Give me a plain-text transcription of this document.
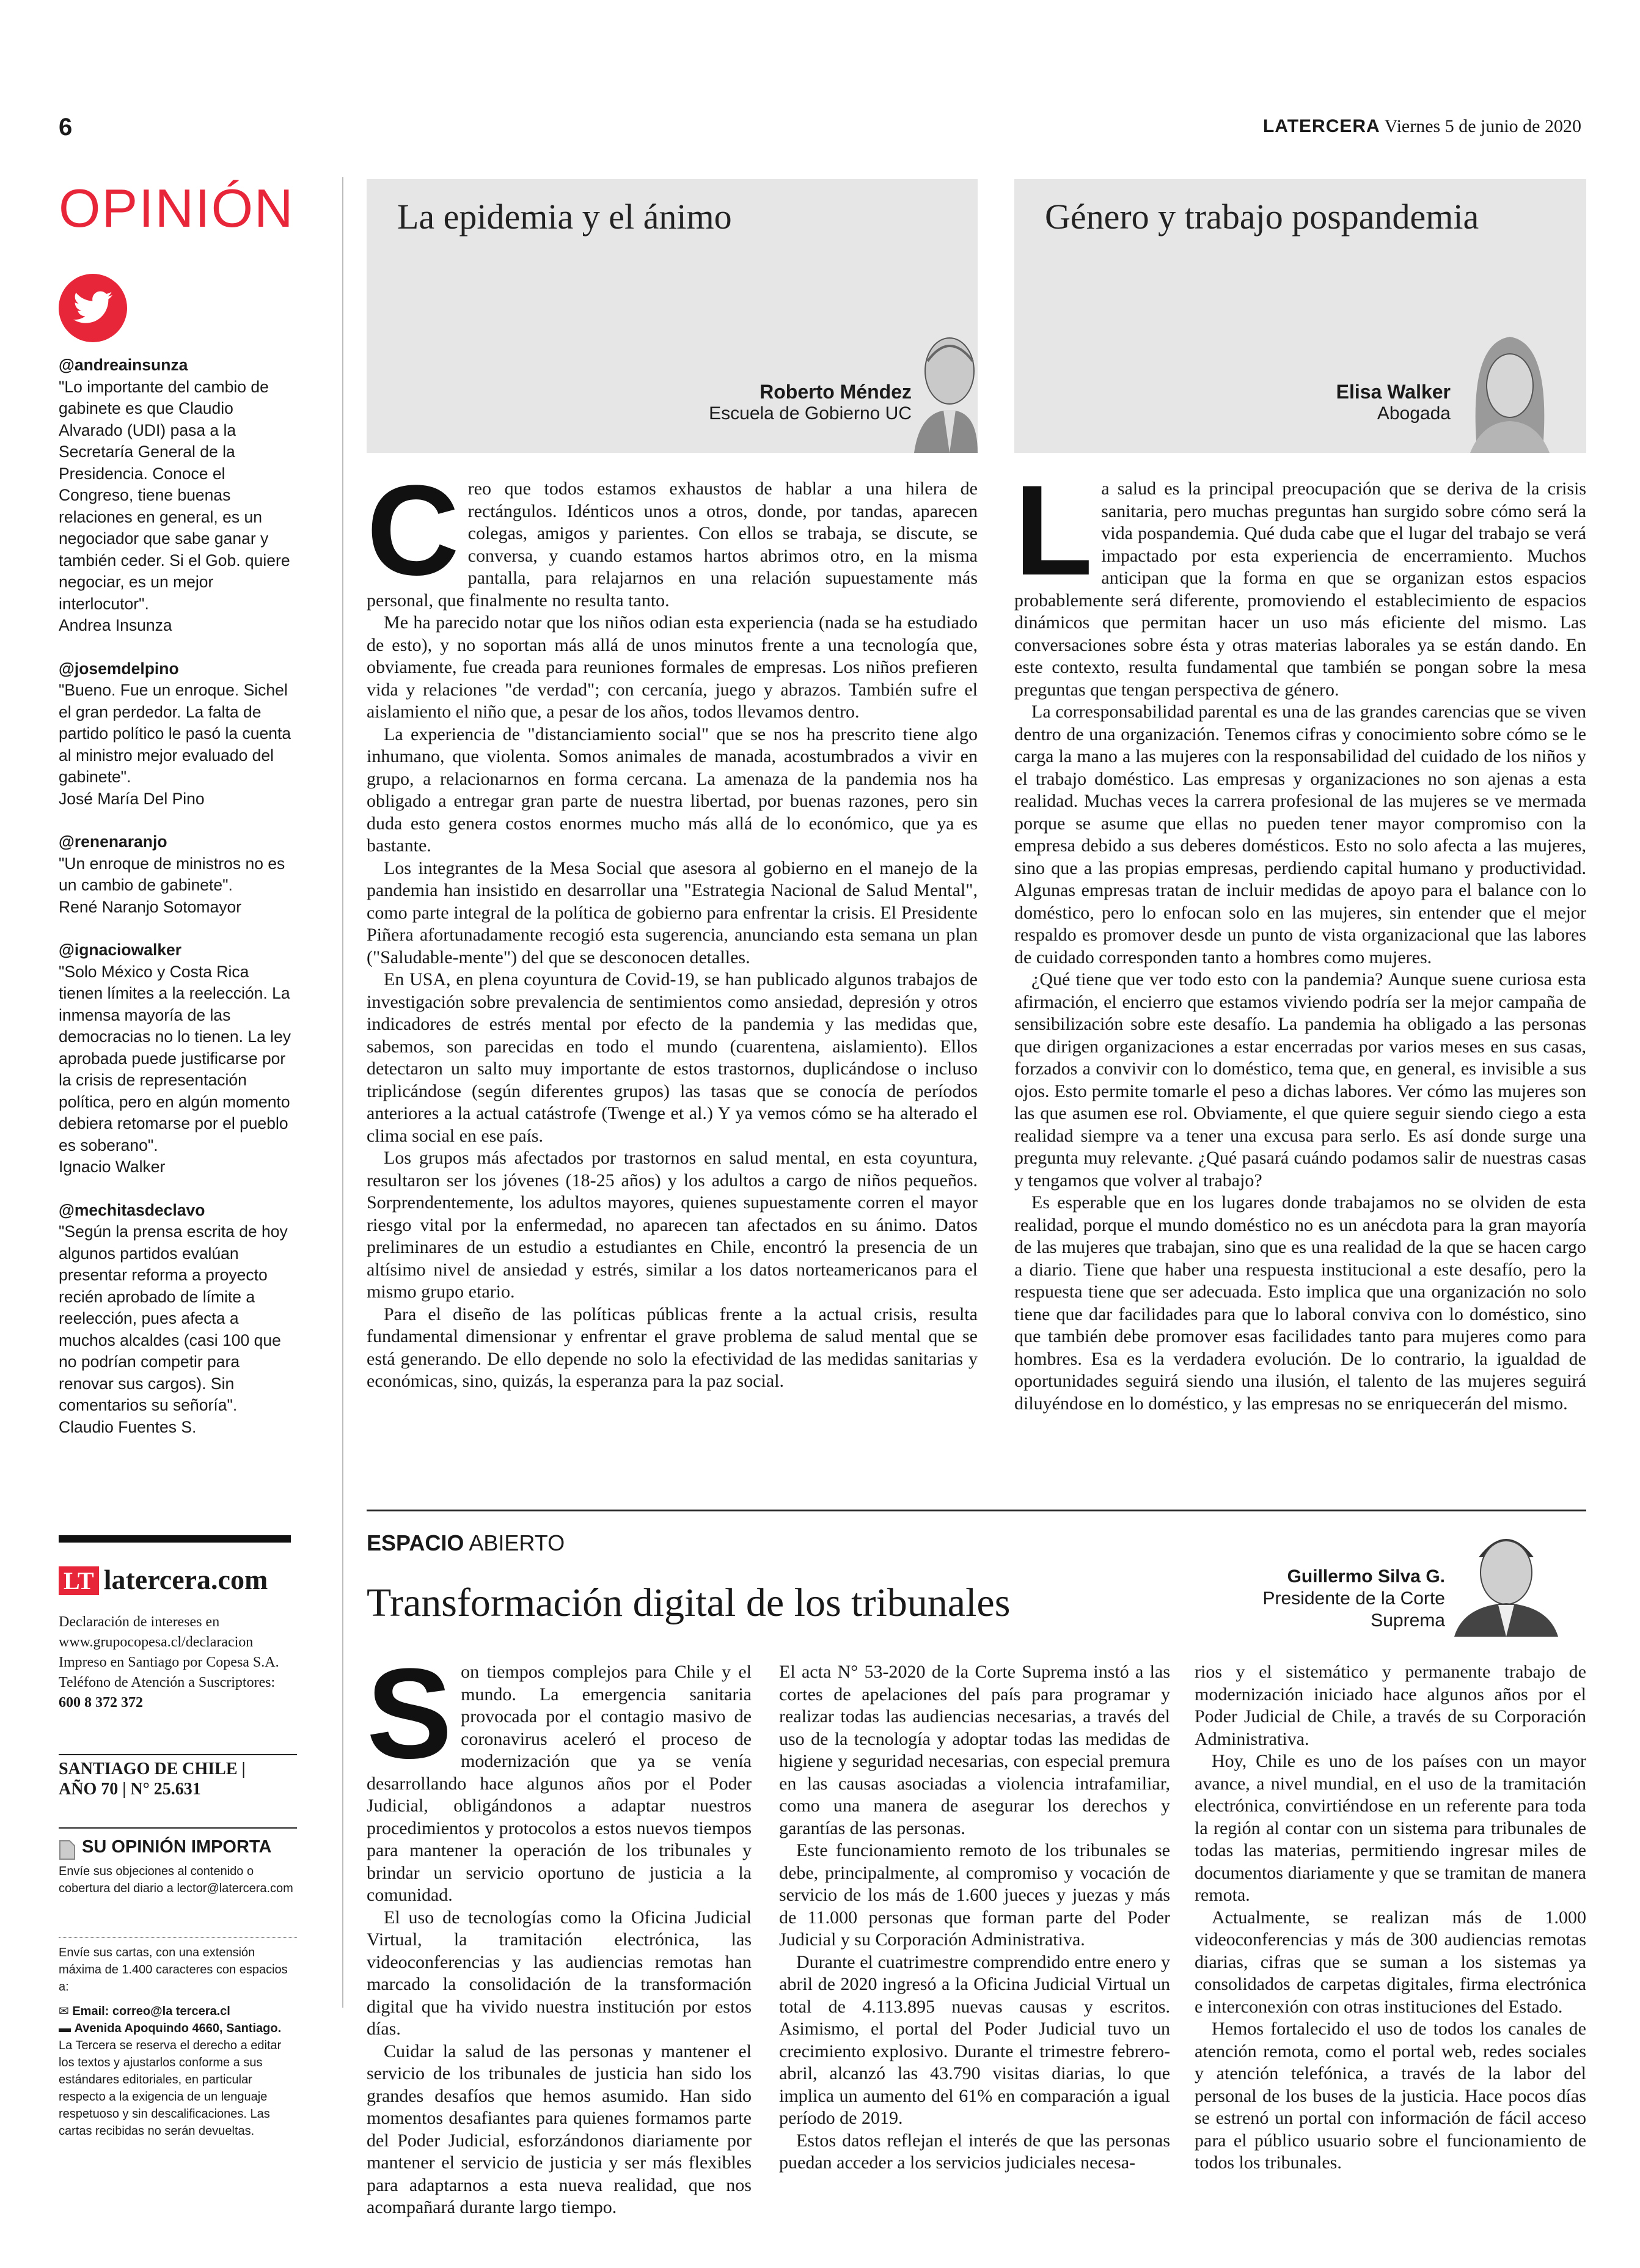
6	LATERCERA Viernes 5 de junio de 2020
OPINIÓN
@andreainsunza
"Lo importante del cambio de gabinete es que Claudio Alvarado (UDI) pasa a la Secretaría General de la Presidencia. Conoce el Congreso, tiene buenas relaciones en general, es un negociador que sabe ganar y también ceder. Si el Gob. quiere negociar, es un mejor interlocutor".
Andrea Insunza
@josemdelpino
"Bueno. Fue un enroque. Sichel el gran perdedor. La falta de partido político le pasó la cuenta al ministro mejor evaluado del gabinete".
José María Del Pino
@renenaranjo
"Un enroque de ministros no es un cambio de gabinete".
René Naranjo Sotomayor
@ignaciowalker
"Solo México y Costa Rica tienen límites a la reelección. La inmensa mayoría de las democracias no lo tienen. La ley aprobada puede justificarse por la crisis de representación política, pero en algún momento debiera retomarse por el pueblo es soberano".
Ignacio Walker
@mechitasdeclavo
"Según la prensa escrita de hoy algunos partidos evalúan presentar reforma a proyecto recién aprobado de límite a reelección, pues afecta a muchos alcaldes (casi 100 que no podrían competir para renovar sus cargos). Sin comentarios su señoría".
Claudio Fuentes S.
La epidemia y el ánimo
Roberto Méndez
Escuela de Gobierno UC
Género y trabajo pospandemia
Elisa Walker
Abogada

Creo que todos estamos exhaustos de hablar a una hilera de rectángulos. Idénticos unos a otros, donde, por tandas, aparecen colegas, amigos y parientes. Con ellos se trabaja, se discute, se conversa, y cuando estamos hartos abrimos otro, en la misma pantalla, para relajarnos en una relación supuestamente más personal, que finalmente no resulta tanto.

Me ha parecido notar que los niños odian esta experiencia (nada se ha estudiado de esto), y no soportan más allá de unos minutos frente a una tecnología que, obviamente, fue creada para reuniones formales de empresas. Los niños prefieren vida y relaciones "de verdad"; con cercanía, juego y abrazos. También sufre el aislamiento el niño que, a pesar de los años, todos llevamos dentro.

La experiencia de "distanciamiento social" que se nos ha prescrito tiene algo inhumano, que violenta. Somos animales de manada, acostumbrados a vivir en grupo, a relacionarnos en forma cercana. La amenaza de la pandemia nos ha obligado a entregar gran parte de nuestra libertad, por buenas razones, pero sin duda esto genera costos enormes mucho más allá de lo económico, que ya es bastante.

Los integrantes de la Mesa Social que asesora al gobierno en el manejo de la pandemia han insistido en desarrollar una "Estrategia Nacional de Salud Mental", como parte integral de la política de gobierno para enfrentar la crisis. El Presidente Piñera afortunadamente recogió esta sugerencia, anunciando esta semana un plan ("Saludable-mente") del que se desconocen detalles.

En USA, en plena coyuntura de Covid-19, se han publicado algunos trabajos de investigación sobre prevalencia de sentimientos como ansiedad, depresión y otros indicadores de estrés mental por efecto de la pandemia y las medidas que, sabemos, son parecidas en todo el mundo (cuarentena, aislamiento). Ellos detectaron un salto muy importante de estos trastornos, duplicándose o incluso triplicándose (según diferentes grupos) las tasas que se conocía de períodos anteriores a la actual catástrofe (Twenge et al.) Y ya vemos cómo se ha alterado el clima social en ese país.

Los grupos más afectados por trastornos en salud mental, en esta coyuntura, resultaron ser los jóvenes (18-25 años) y los adultos a cargo de niños pequeños. Sorprendentemente, los adultos mayores, quienes supuestamente corren el mayor riesgo vital por la enfermedad, no aparecen tan afectados en su ánimo. Datos preliminares de un estudio a estudiantes en Chile, encontró la presencia de un altísimo nivel de ansiedad y estrés, similar a los datos norteamericanos para el mismo grupo etario.

Para el diseño de las políticas públicas frente a la actual crisis, resulta fundamental dimensionar y enfrentar el grave problema de salud mental que se está generando. De ello depende no solo la efectividad de las medidas sanitarias y económicas, sino, quizás, la esperanza para la paz social.

La salud es la principal preocupación que se deriva de la crisis sanitaria, pero muchas preguntas han surgido sobre cómo será la vida pospandemia. Qué duda cabe que el lugar del trabajo se verá impactado por esta experiencia de encerramiento. Muchos anticipan que la forma en que se organizan estos espacios probablemente será diferente, promoviendo el establecimiento de espacios dinámicos que permitan hacer un uso más eficiente del mismo. Las conversaciones sobre ésta y otras materias laborales ya se están dando. En este contexto, resulta fundamental que también se pongan sobre la mesa preguntas que tengan perspectiva de género.

La corresponsabilidad parental es una de las grandes carencias que se viven dentro de una organización. Tenemos cifras y conocimiento sobre cómo se le carga la mano a las mujeres con la responsabilidad del cuidado de los niños y el trabajo doméstico. Las empresas y organizaciones no son ajenas a esta realidad. Muchas veces la carrera profesional de las mujeres se ve mermada porque se asume que ellas no pueden tener mayor compromiso con la empresa debido a sus deberes domésticos. Esto no solo afecta a las mujeres, sino que a las propias empresas, perdiendo capital humano y productividad. Algunas empresas tratan de incluir medidas de apoyo para el balance con lo doméstico, pero lo enfocan solo en las mujeres, sin entender que el mejor respaldo es promover desde un punto de vista organizacional que las labores de cuidado corresponden tanto a hombres como mujeres.

¿Qué tiene que ver todo esto con la pandemia? Aunque suene curiosa esta afirmación, el encierro que estamos viviendo podría ser la mejor campaña de sensibilización sobre este desafío. La pandemia ha obligado a las personas que dirigen organizaciones a estar encerradas por varios meses en sus casas, forzados a convivir con lo doméstico, tema que, en general, es invisible a sus ojos. Esto permite tomarle el peso a dichas labores. Ver cómo las mujeres son las que asumen ese rol. Obviamente, el que quiere seguir siendo ciego a esta realidad siempre va a tener una excusa para serlo. Es así donde surge una pregunta muy relevante. ¿Qué pasará cuándo podamos salir de nuestras casas y tengamos que volver al trabajo?

Es esperable que en los lugares donde trabajamos no se olviden de esta realidad, porque el mundo doméstico no es un anécdota para la gran mayoría de las mujeres que trabajan, sino que es una realidad de la que se hacen cargo a diario. Tiene que haber una respuesta institucional a este desafío, pero la respuesta tiene que ser adecuada. Esto implica que una organización no solo tiene que dar facilidades para que lo laboral conviva con lo doméstico, sino que también debe promover esas facilidades tanto para mujeres como para hombres. Esa es la verdadera evolución. De lo contrario, la igualdad de oportunidades seguirá siendo una ilusión, el talento de las mujeres seguirá diluyéndose en lo doméstico, y las empresas no se enriquecerán del mismo.

ESPACIO ABIERTO
Transformación digital de los tribunales
Guillermo Silva G.
Presidente de la Corte Suprema

Son tiempos complejos para Chile y el mundo. La emergencia sanitaria provocada por el contagio masivo de coronavirus aceleró el proceso de modernización que ya se venía desarrollando hace algunos años por el Poder Judicial, obligándonos a adaptar nuestros procedimientos y protocolos a estos nuevos tiempos para mantener la operación de los tribunales y brindar un servicio oportuno de justicia a la comunidad.

El uso de tecnologías como la Oficina Judicial Virtual, la tramitación electrónica, las videoconferencias y las audiencias remotas han marcado la consolidación de la transformación digital que ha vivido nuestra institución por estos días.

Cuidar la salud de las personas y mantener el servicio de los tribunales de justicia han sido los grandes desafíos que hemos asumido. Han sido momentos desafiantes para quienes formamos parte del Poder Judicial, esforzándonos diariamente por mantener el servicio de justicia y ser más flexibles para adaptarnos a esta nueva realidad, que nos acompañará durante largo tiempo.

El acta N° 53-2020 de la Corte Suprema instó a las cortes de apelaciones del país para programar y realizar todas las audiencias necesarias, a través del uso de la tecnología y adoptar todas las medidas de higiene y seguridad necesarias, con especial premura en las causas asociadas a violencia intrafamiliar, como una manera de asegurar los derechos y garantías de las personas.

Este funcionamiento remoto de los tribunales se debe, principalmente, al compromiso y vocación de servicio de los más de 1.600 jueces y juezas y más de 11.000 personas que forman parte del Poder Judicial y su Corporación Administrativa.

Durante el cuatrimestre comprendido entre enero y abril de 2020 ingresó a la Oficina Judicial Virtual un total de 4.113.895 nuevas causas y escritos. Asimismo, el portal del Poder Judicial tuvo un crecimiento explosivo. Durante el trimestre febrero-abril, alcanzó las 43.790 visitas diarias, lo que implica un aumento del 61% en comparación a igual período de 2019.

Estos datos reflejan el interés de que las personas puedan acceder a los servicios judiciales necesa-

rios y el sistemático y permanente trabajo de modernización iniciado hace algunos años por el Poder Judicial de Chile, a través de su Corporación Administrativa.

Hoy, Chile es uno de los países con un mayor avance, a nivel mundial, en el uso de la tramitación electrónica, convirtiéndose en un referente para toda la región al contar con un sistema para tribunales de todas las materias, permitiendo ingresar miles de documentos diariamente y que se tramitan de manera remota.

Actualmente, se realizan más de 1.000 videoconferencias y más de 300 audiencias remotas diarias, cifras que se suman a los sistemas ya consolidados de carpetas digitales, firma electrónica e interconexión con otras instituciones del Estado.

Hemos fortalecido el uso de todos los canales de atención remota, como el portal web, redes sociales y atención telefónica, a través de la labor del personal de los buses de la justicia. Hace pocos días se estrenó un portal con información de fácil acceso para el público usuario sobre el funcionamiento de todos los tribunales.

LT latercera.com
Declaración de intereses en www.grupocopesa.cl/declaracion Impreso en Santiago por Copesa S.A. Teléfono de Atención a Suscriptores: 600 8 372 372
SANTIAGO DE CHILE |
AÑO 70 | N° 25.631
SU OPINIÓN IMPORTA
Envíe sus objeciones al contenido o cobertura del diario a lector@latercera.com
Envíe sus cartas, con una extensión máxima de 1.400 caracteres con espacios a:
✉ Email: correo@la tercera.cl
▬ Avenida Apoquindo 4660, Santiago.
La Tercera se reserva el derecho a editar los textos y ajustarlos conforme a sus estándares editoriales, en particular respecto a la exigencia de un lenguaje respetuoso y sin descalificaciones. Las cartas recibidas no serán devueltas.
